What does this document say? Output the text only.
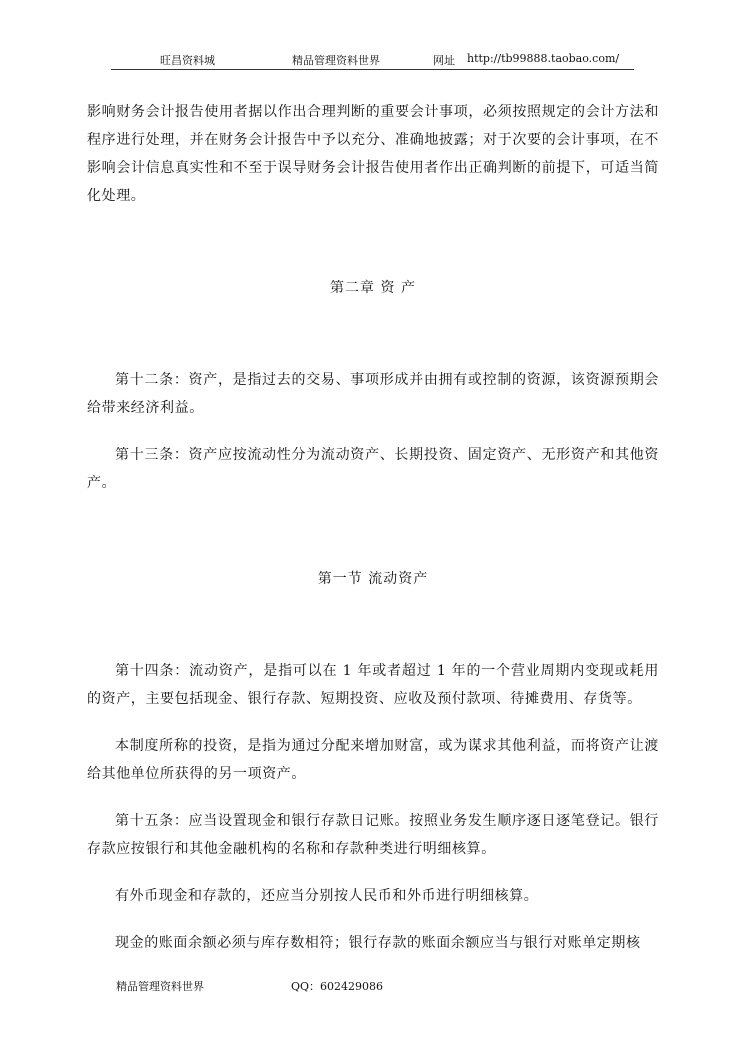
旺昌资料城	精品管理资料世界	网址 http://tb99888.taobao.com/

影响财务会计报告使用者据以作出合理判断的重要会计事项，必须按照规定的会计方法和程序进行处理，并在财务会计报告中予以充分、准确地披露；对于次要的会计事项，在不影响会计信息真实性和不至于误导财务会计报告使用者作出正确判断的前提下，可适当简化处理。

第二章 资 产

第十二条：资产，是指过去的交易、事项形成并由拥有或控制的资源，该资源预期会给带来经济利益。

第十三条：资产应按流动性分为流动资产、长期投资、固定资产、无形资产和其他资产。

第一节 流动资产

第十四条：流动资产，是指可以在 1 年或者超过 1 年的一个营业周期内变现或耗用的资产，主要包括现金、银行存款、短期投资、应收及预付款项、待摊费用、存货等。

本制度所称的投资，是指为通过分配来增加财富，或为谋求其他利益，而将资产让渡给其他单位所获得的另一项资产。

第十五条：应当设置现金和银行存款日记账。按照业务发生顺序逐日逐笔登记。银行存款应按银行和其他金融机构的名称和存款种类进行明细核算。

有外币现金和存款的，还应当分别按人民币和外币进行明细核算。

现金的账面余额必须与库存数相符；银行存款的账面余额应当与银行对账单定期核

精品管理资料世界	QQ：602429086
